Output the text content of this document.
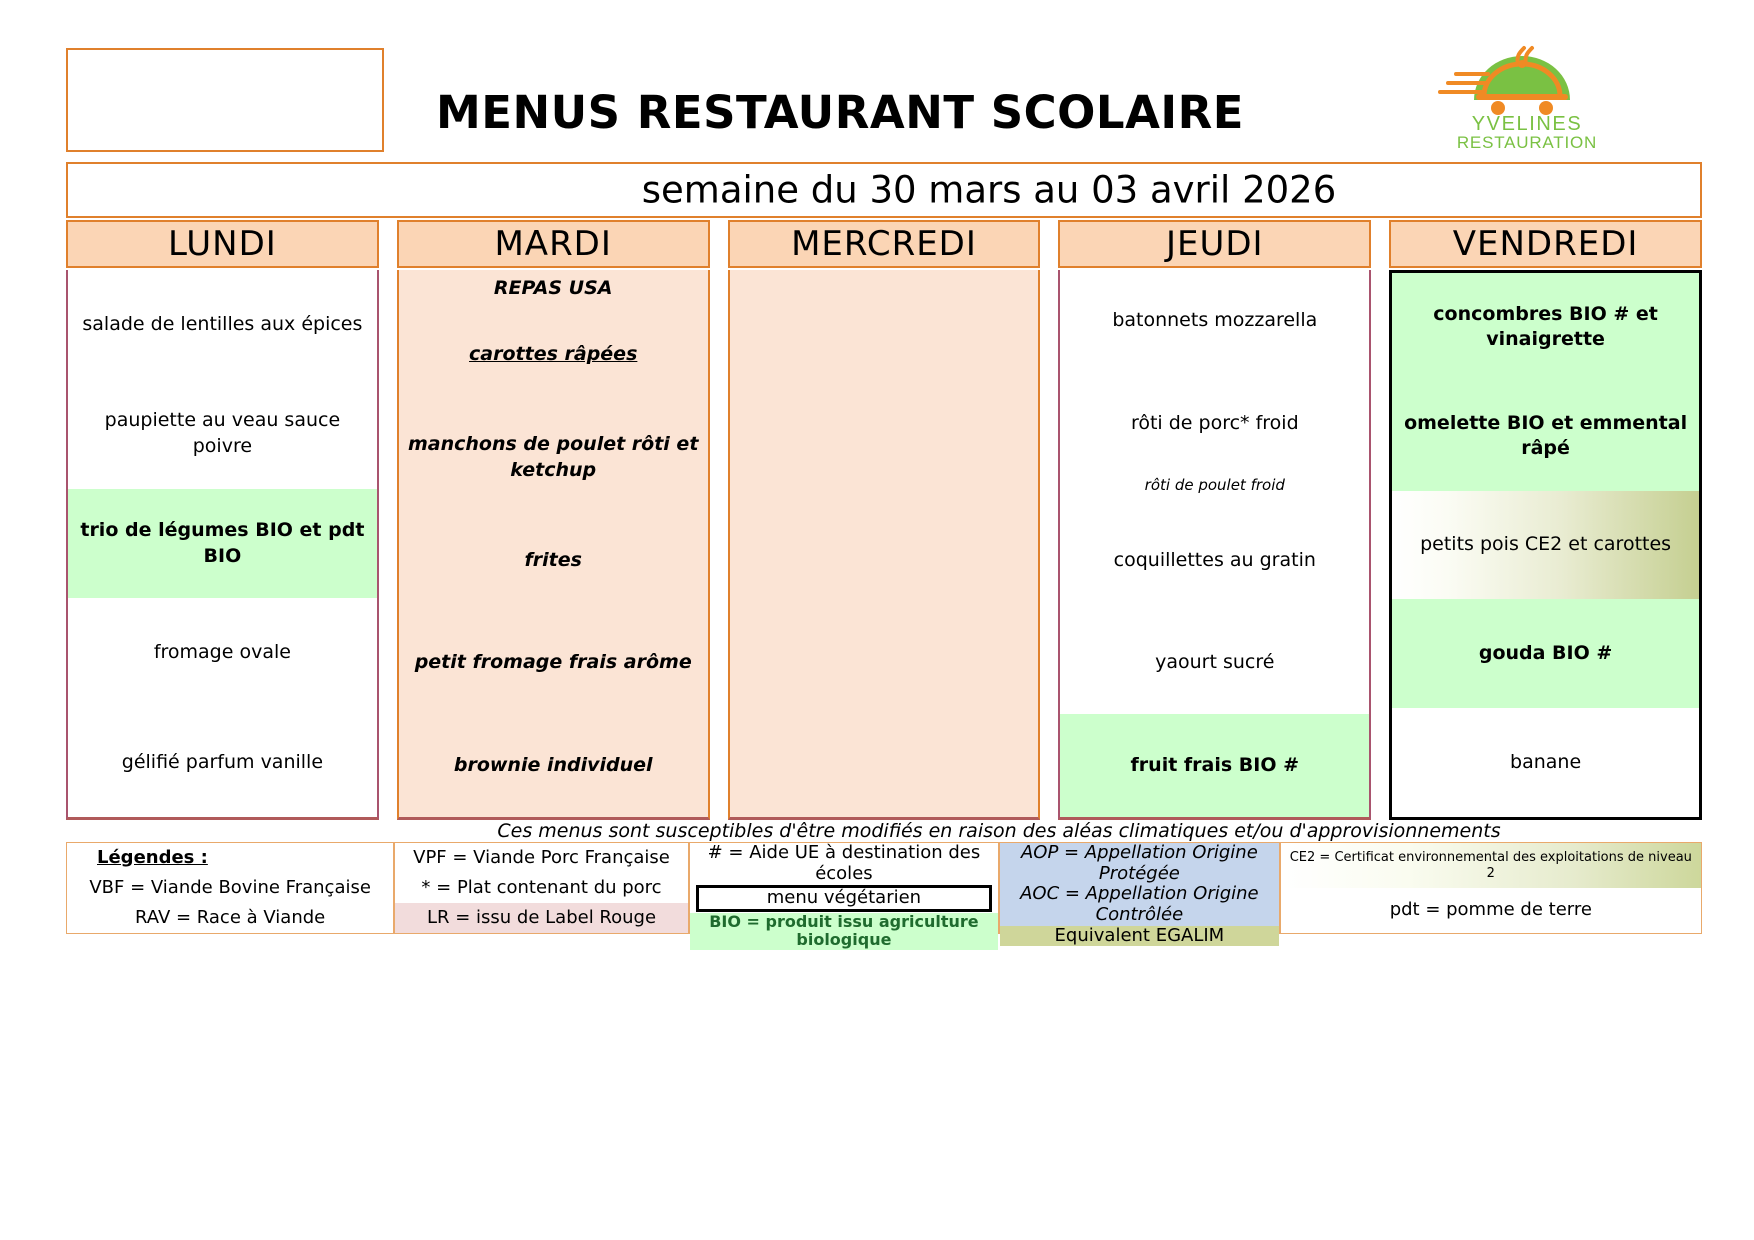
MENUS RESTAURANT SCOLAIRE	YVELINES
RESTAURATION
semaine du 30 mars au 03 avril 2026
LUNDI
salade de lentilles aux épices
paupiette au veau sauce poivre
trio de légumes BIO et pdt BIO
fromage ovale
gélifié parfum vanille
MARDI
REPAS USA
carottes râpées
manchons de poulet rôti et ketchup
frites
petit fromage frais arôme
brownie individuel
MERCREDI	JEUDI
batonnets mozzarella
rôti de porc* froid
rôti de poulet froid
coquillettes au gratin
yaourt sucré
fruit frais BIO #
VENDREDI
concombres BIO # et vinaigrette
omelette BIO et emmental râpé
petits pois CE2 et carottes
gouda BIO #
banane
Ces menus sont susceptibles d'être modifiés en raison des aléas climatiques et/ou d'approvisionnements
Légendes :
VBF = Viande Bovine Française
RAV = Race à Viande
VPF = Viande Porc Française
* = Plat contenant du porc
LR = issu de Label Rouge
# = Aide UE à destination des écoles
menu végétarien
BIO = produit issu agriculture biologique
AOP = Appellation Origine Protégée
AOC = Appellation Origine Contrôlée
Equivalent EGALIM
CE2 = Certificat environnemental des exploitations de niveau 2
pdt = pomme de terre
